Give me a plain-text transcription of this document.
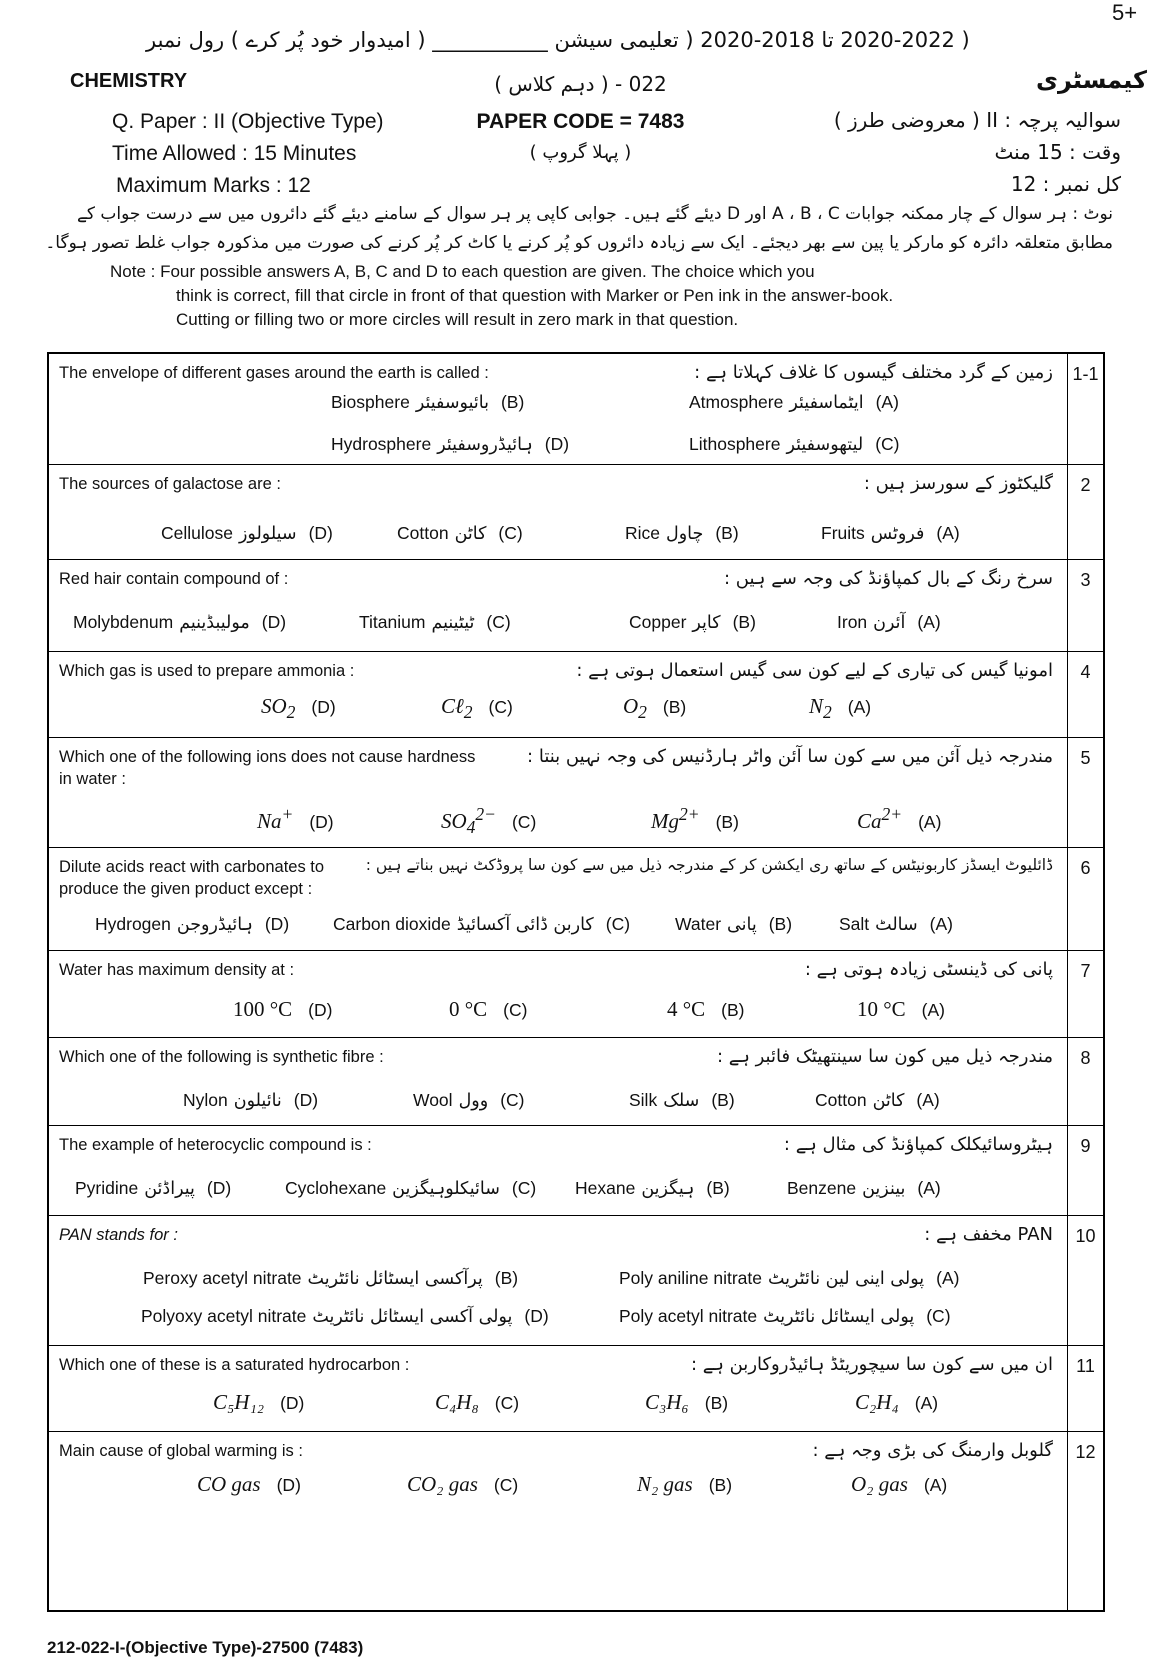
5+
( 2020-2022 تا 2018-2020 ( تعلیمی سیشن ___________ ( امیدوار خود پُر کرے ) رول نمبر
CHEMISTRY	کیمسٹری
022 - ( دہم کلاس )
Q. Paper : II (Objective Type)	سوالیہ پرچہ : II ( معروضی طرز )
PAPER CODE = 7483
Time Allowed : 15 Minutes	وقت : 15 منٹ
( پہلا گروپ )
Maximum Marks : 12	کل نمبر : 12
نوٹ : ہر سوال کے چار ممکنہ جوابات A ، B ، C اور D دیئے گئے ہیں۔ جوابی کاپی پر ہر سوال کے سامنے دیئے گئے دائروں میں سے درست جواب کے
مطابق متعلقہ دائرہ کو مارکر یا پین سے بھر دیجئے۔ ایک سے زیادہ دائروں کو پُر کرنے یا کاٹ کر پُر کرنے کی صورت میں مذکورہ جواب غلط تصور ہوگا۔
Note : Four possible answers A, B, C and D to each question are given. The choice which you
think is correct, fill that circle in front of that question with Marker or Pen ink in the answer-book.
Cutting or filling two or more circles will result in zero mark in that question.
The envelope of different gases around the earth is called :	زمین کے گرد مختلف گیسوں کا غلاف کہلاتا ہے :	1-1
Biosphere بائیوسفیئر (B)	Atmosphere ایٹماسفیئر (A)
Hydrosphere ہائیڈروسفیئر (D)	Lithosphere لیتھوسفیئر (C)
The sources of galactose are :	گلیکٹوز کے سورسز ہیں :	2
Cellulose سیلولوز (D)	Cotton کاٹن (C)	Rice چاول (B)	Fruits فروٹس (A)
Red hair contain compound of :	سرخ رنگ کے بال کمپاؤنڈ کی وجہ سے ہیں :	3
Molybdenum مولیبڈینیم (D)	Titanium ٹیٹینیم (C)	Copper کاپر (B)	Iron آئرن (A)
Which gas is used to prepare ammonia :	امونیا گیس کی تیاری کے لیے کون سی گیس استعمال ہوتی ہے :	4
$SO_2$ (D)	Cℓ$_2$ (C)	$O_2$ (B)	$N_2$ (A)
Which one of the following ions does not cause hardness
in water :
مندرجہ ذیل آئن میں سے کون سا آئن واٹر ہارڈنیس کی وجہ نہیں بنتا :	5
Na+ (D)	$SO_4^{2-}$ (C)	$Mg^{2+}$ (B)	$Ca^{2+}$ (A)
Dilute acids react with carbonates to
produce the given product except :
ڈائلیوٹ ایسڈز کاربونیٹس کے ساتھ ری ایکشن کر کے مندرجہ ذیل میں سے کون سا پروڈکٹ نہیں بناتے ہیں :	6
Hydrogen ہائیڈروجن (D)	Carbon dioxide کاربن ڈائی آکسائیڈ (C)	Water پانی (B)	Salt سالٹ (A)
Water has maximum density at :	پانی کی ڈینسٹی زیادہ ہوتی ہے :	7
100 °C (D)	0 °C (C)	4 °C (B)	10 °C (A)
Which one of the following is synthetic fibre :	مندرجہ ذیل میں کون سا سینتھیٹک فائبر ہے :	8
Nylon نائیلون (D)	Wool وول (C)	Silk سلک (B)	Cotton کاٹن (A)
The example of heterocyclic compound is :	ہیٹروسائیکلک کمپاؤنڈ کی مثال ہے :	9
Pyridine پیراڈئن (D)	Cyclohexane سائیکلوہیگزین (C) Hexane ہیگزین (B)	Benzene بینزین (A)
PAN stands for :	PAN مخفف ہے :	10
Peroxy acetyl nitrate پرآکسی ایسٹائل نائٹریٹ (B)	Poly aniline nitrate پولی اینی لین نائٹریٹ (A)
Polyoxy acetyl nitrate پولی آکسی ایسٹائل نائٹریٹ (D)	Poly acetyl nitrate پولی ایسٹائل نائٹریٹ (C)
Which one of these is a saturated hydrocarbon :	ان میں سے کون سا سیچوریٹڈ ہائیڈروکاربن ہے :	11
C₅H₁₂ (D)	C₄H₈ (C)	C₃H₆ (B)	C₂H₄ (A)
Main cause of global warming is :	گلوبل وارمنگ کی بڑی وجہ ہے :	12
CO gas (D)	CO₂ gas (C)	N₂ gas (B)	O₂ gas (A)
212-022-I-(Objective Type)-27500 (7483)
